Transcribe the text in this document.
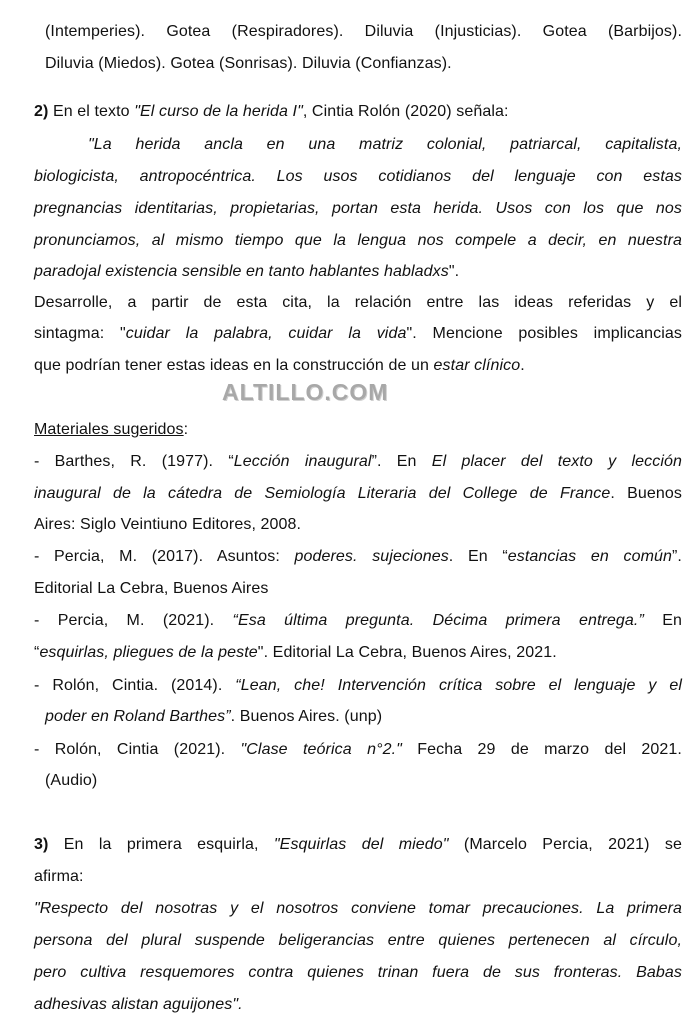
(Intemperies). Gotea (Respiradores). Diluvia (Injusticias). Gotea (Barbijos).
Diluvia (Miedos). Gotea (Sonrisas). Diluvia (Confianzas).
2) En el texto "El curso de la herida I", Cintia Rolón (2020) señala:
"La herida ancla en una matriz colonial, patriarcal, capitalista,
biologicista, antropocéntrica. Los usos cotidianos del lenguaje con estas
pregnancias identitarias, propietarias, portan esta herida. Usos con los que nos
pronunciamos, al mismo tiempo que la lengua nos compele a decir, en nuestra
paradojal existencia sensible en tanto hablantes habladxs".
Desarrolle, a partir de esta cita, la relación entre las ideas referidas y el
sintagma: "cuidar la palabra, cuidar la vida". Mencione posibles implicancias
que podrían tener estas ideas en la construcción de un estar clínico.
Materiales sugeridos:
- Barthes, R. (1977). “Lección inaugural”. En El placer del texto y lección
inaugural de la cátedra de Semiología Literaria del College de France. Buenos
Aires: Siglo Veintiuno Editores, 2008.
- Percia, M. (2017). Asuntos: poderes. sujeciones. En “estancias en común”.
Editorial La Cebra, Buenos Aires
- Percia, M. (2021). “Esa última pregunta. Décima primera entrega.” En
“esquirlas, pliegues de la peste". Editorial La Cebra, Buenos Aires, 2021.
- Rolón, Cintia. (2014). “Lean, che! Intervención crítica sobre el lenguaje y el
poder en Roland Barthes”. Buenos Aires. (unp)
- Rolón, Cintia (2021). "Clase teórica n°2." Fecha 29 de marzo del 2021.
(Audio)
3) En la primera esquirla, "Esquirlas del miedo" (Marcelo Percia, 2021) se
afirma:
"Respecto del nosotras y el nosotros conviene tomar precauciones. La primera
persona del plural suspende beligerancias entre quienes pertenecen al círculo,
pero cultiva resquemores contra quienes trinan fuera de sus fronteras. Babas
adhesivas alistan aguijones".
ALTILLO.COM
